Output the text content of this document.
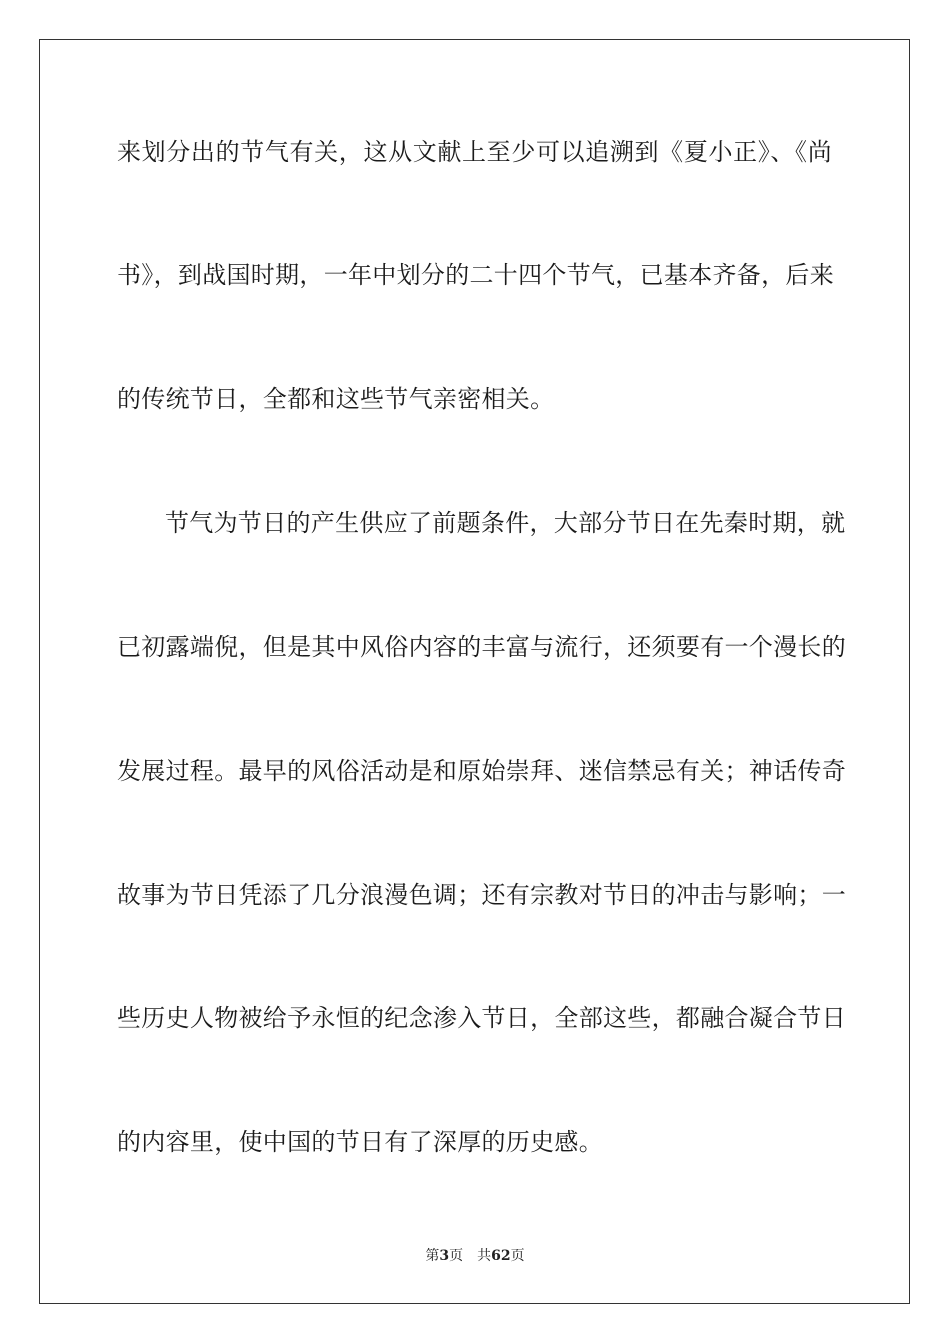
来划分出的节气有关，这从文献上至少可以追溯到《夏小正》、《尚
书》，到战国时期，一年中划分的二十四个节气，已基本齐备，后来
的传统节日，全都和这些节气亲密相关。
节气为节日的产生供应了前题条件，大部分节日在先秦时期，就
已初露端倪，但是其中风俗内容的丰富与流行，还须要有一个漫长的
发展过程。最早的风俗活动是和原始崇拜、迷信禁忌有关；神话传奇
故事为节日凭添了几分浪漫色调；还有宗教对节日的冲击与影响；一
些历史人物被给予永恒的纪念渗入节日，全部这些，都融合凝合节日
的内容里，使中国的节日有了深厚的历史感。
第3页 共62页
